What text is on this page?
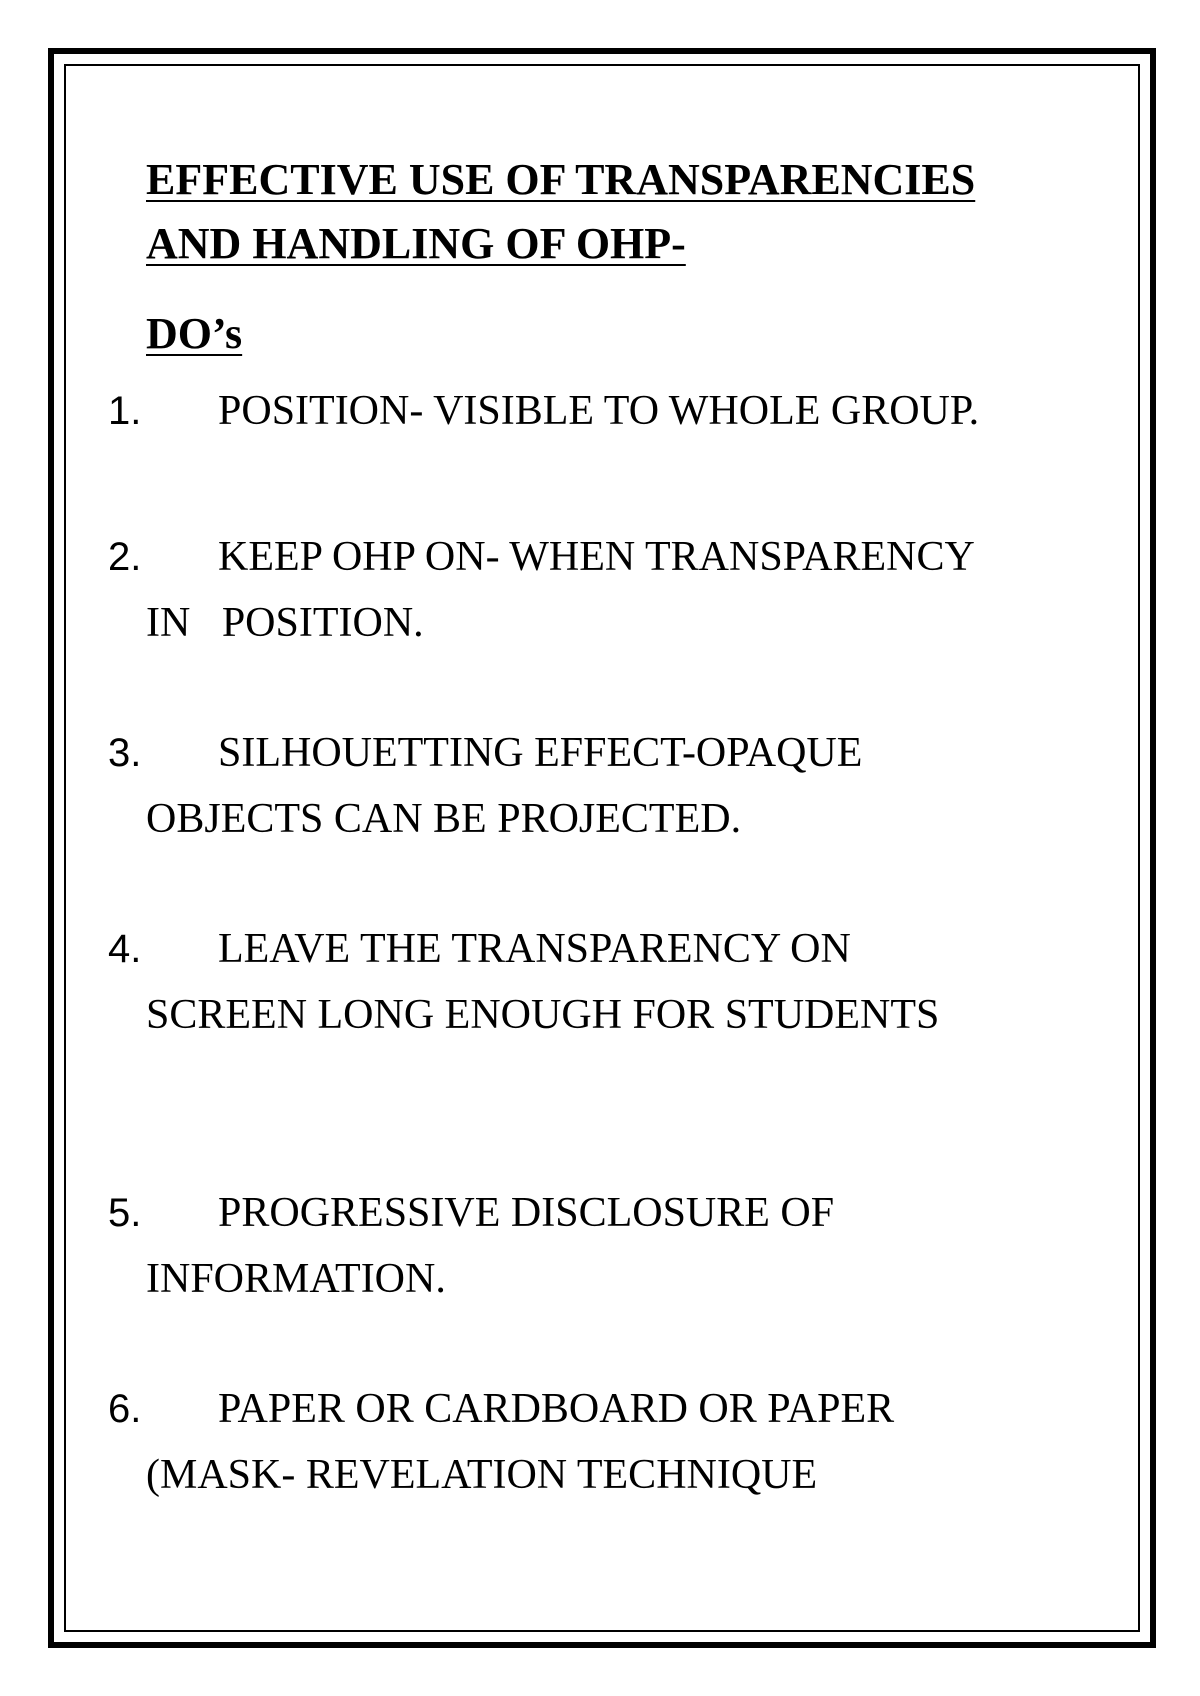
EFFECTIVE USE OF TRANSPARENCIES
AND HANDLING OF OHP-
DO’s
1. POSITION- VISIBLE TO WHOLE GROUP.
2. KEEP OHP ON- WHEN TRANSPARENCY
IN   POSITION.
3. SILHOUETTING EFFECT-OPAQUE
OBJECTS CAN BE PROJECTED.
4. LEAVE THE TRANSPARENCY ON
SCREEN LONG ENOUGH FOR STUDENTS
5. PROGRESSIVE DISCLOSURE OF
INFORMATION.
6. PAPER OR CARDBOARD OR PAPER
(MASK- REVELATION TECHNIQUE
